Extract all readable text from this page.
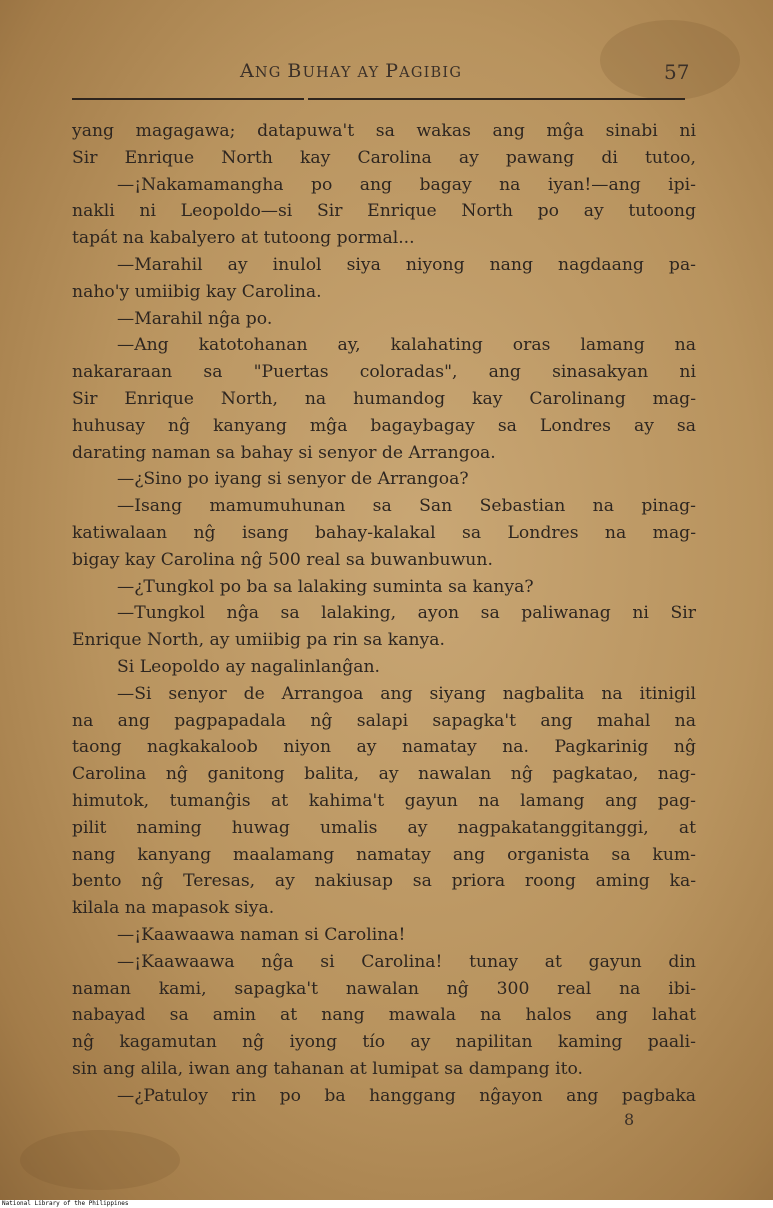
ANG BUHAY AY PAGIBIG	57
yang magagawa; datapuwa't sa wakas ang mĝa sinabi ni
Sir Enrique North kay Carolina ay pawang di tutoo,
—¡Nakamamangha po ang bagay na iyan!—ang ipi-
nakli ni Leopoldo—si Sir Enrique North po ay tutoong
tapát na kabalyero at tutoong pormal...
—Marahil ay inulol siya niyong nang nagdaang pa-
naho'y umiibig kay Carolina.
—Marahil nĝa po.
—Ang katotohanan ay, kalahating oras lamang na
nakararaan sa "Puertas coloradas", ang sinasakyan ni
Sir Enrique North, na humandog kay Carolinang mag-
huhusay nĝ kanyang mĝa bagaybagay sa Londres ay sa
darating naman sa bahay si senyor de Arrangoa.
—¿Sino po iyang si senyor de Arrangoa?
—Isang mamumuhunan sa San Sebastian na pinag-
katiwalaan nĝ isang bahay-kalakal sa Londres na mag-
bigay kay Carolina nĝ 500 real sa buwanbuwun.
—¿Tungkol po ba sa lalaking suminta sa kanya?
—Tungkol nĝa sa lalaking, ayon sa paliwanag ni Sir
Enrique North, ay umiibig pa rin sa kanya.
Si Leopoldo ay nagalinlanĝan.
—Si senyor de Arrangoa ang siyang nagbalita na itinigil
na ang pagpapadala nĝ salapi sapagka't ang mahal na
taong nagkakaloob niyon ay namatay na. Pagkarinig nĝ
Carolina nĝ ganitong balita, ay nawalan nĝ pagkatao, nag-
himutok, tumanĝis at kahima't gayun na lamang ang pag-
pilit naming huwag umalis ay nagpakatanggitanggi, at
nang kanyang maalamang namatay ang organista sa kum-
bento nĝ Teresas, ay nakiusap sa priora roong aming ka-
kilala na mapasok siya.
—¡Kaawaawa naman si Carolina!
—¡Kaawaawa nĝa si Carolina! tunay at gayun din
naman kami, sapagka't nawalan nĝ 300 real na ibi-
nabayad sa amin at nang mawala na halos ang lahat
nĝ kagamutan nĝ iyong tío ay napilitan kaming paali-
sin ang alila, iwan ang tahanan at lumipat sa dampang ito.
—¿Patuloy rin po ba hanggang nĝayon ang pagbaka
8
National Library of the Philippines
